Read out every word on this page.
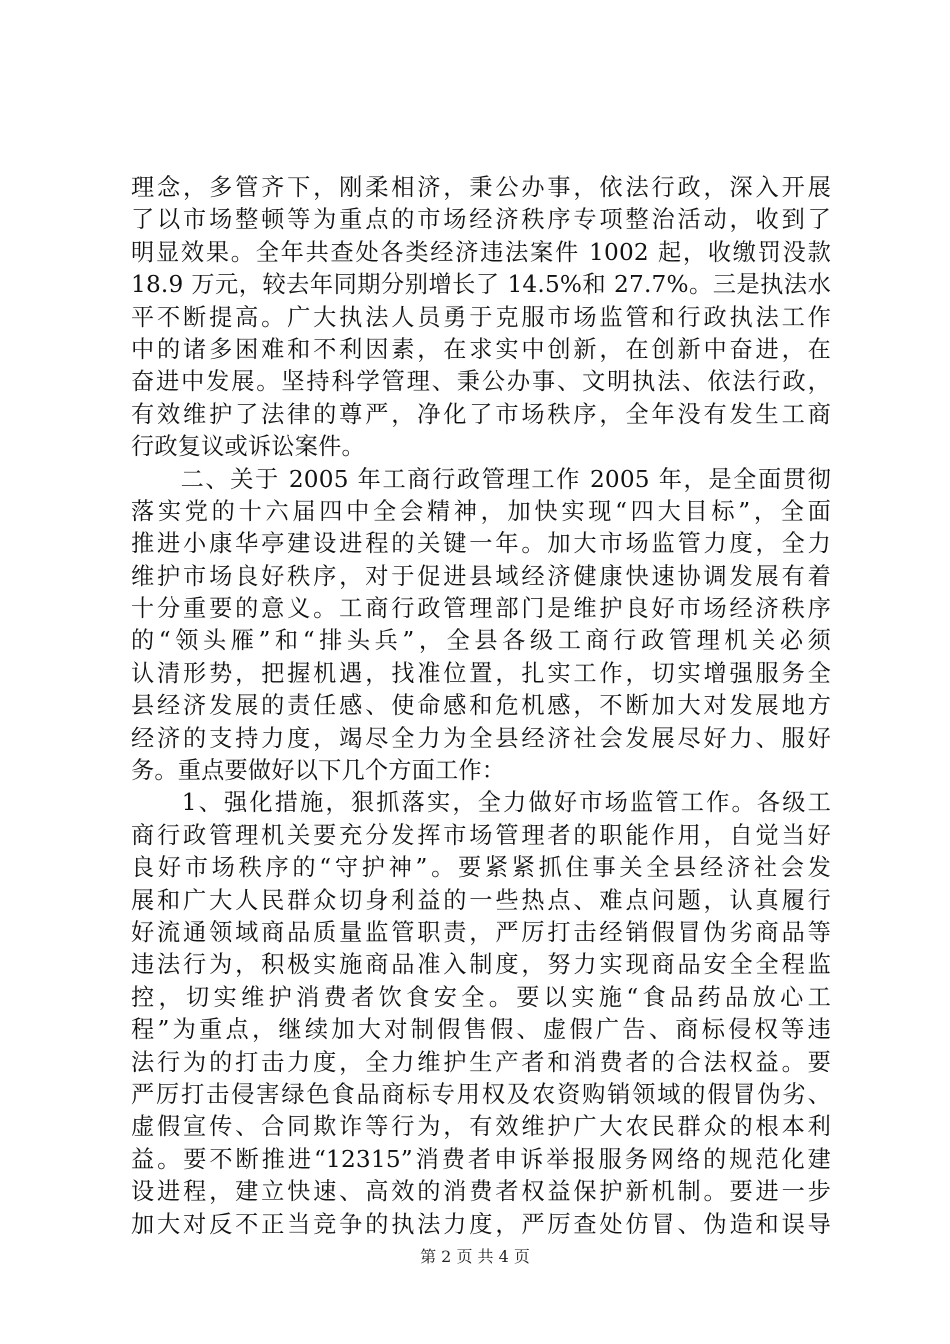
理念，多管齐下，刚柔相济，秉公办事，依法行政，深入开展
了以市场整顿等为重点的市场经济秩序专项整治活动，收到了
明显效果。全年共查处各类经济违法案件 1002 起，收缴罚没款
18.9 万元，较去年同期分别增长了 14.5%和 27.7%。三是执法水
平不断提高。广大执法人员勇于克服市场监管和行政执法工作
中的诸多困难和不利因素，在求实中创新，在创新中奋进，在
奋进中发展。坚持科学管理、秉公办事、文明执法、依法行政，
有效维护了法律的尊严，净化了市场秩序，全年没有发生工商
行政复议或诉讼案件。
　　二、关于 2005 年工商行政管理工作 2005 年，是全面贯彻
落实党的十六届四中全会精神，加快实现“四大目标”，全面
推进小康华亭建设进程的关键一年。加大市场监管力度，全力
维护市场良好秩序，对于促进县域经济健康快速协调发展有着
十分重要的意义。工商行政管理部门是维护良好市场经济秩序
的“领头雁”和“排头兵”，全县各级工商行政管理机关必须
认清形势，把握机遇，找准位置，扎实工作，切实增强服务全
县经济发展的责任感、使命感和危机感，不断加大对发展地方
经济的支持力度，竭尽全力为全县经济社会发展尽好力、服好
务。重点要做好以下几个方面工作：
　　1、强化措施，狠抓落实，全力做好市场监管工作。各级工
商行政管理机关要充分发挥市场管理者的职能作用，自觉当好
良好市场秩序的“守护神”。要紧紧抓住事关全县经济社会发
展和广大人民群众切身利益的一些热点、难点问题，认真履行
好流通领域商品质量监管职责，严厉打击经销假冒伪劣商品等
违法行为，积极实施商品准入制度，努力实现商品安全全程监
控，切实维护消费者饮食安全。要以实施“食品药品放心工
程”为重点，继续加大对制假售假、虚假广告、商标侵权等违
法行为的打击力度，全力维护生产者和消费者的合法权益。要
严厉打击侵害绿色食品商标专用权及农资购销领域的假冒伪劣、
虚假宣传、合同欺诈等行为，有效维护广大农民群众的根本利
益。要不断推进“12315”消费者申诉举报服务网络的规范化建
设进程，建立快速、高效的消费者权益保护新机制。要进一步
加大对反不正当竞争的执法力度，严厉查处仿冒、伪造和误导
第 2 页 共 4 页
